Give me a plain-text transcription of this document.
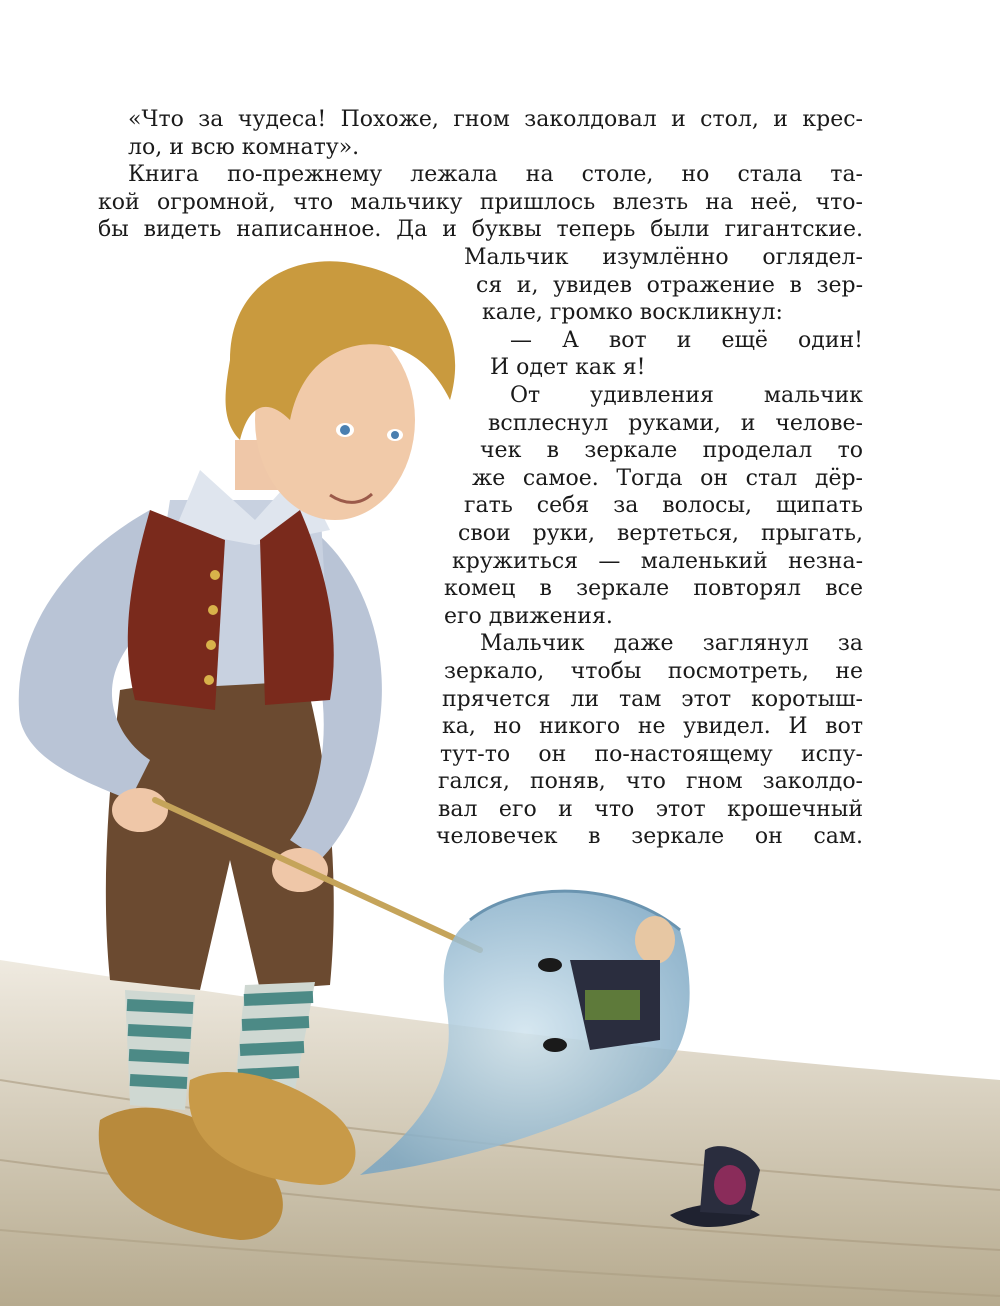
«Что за чудеса! Похоже, гном заколдовал и стол, и крес-
ло, и всю комнату».
Книга по-прежнему лежала на столе, но стала та-
кой огромной, что мальчику пришлось влезть на неё, что-
бы видеть написанное. Да и буквы теперь были гигантские.
Мальчик изумлённо оглядел-
ся и, увидев отражение в зер-
кале, громко воскликнул:
— А вот и ещё один!
И одет как я!
От удивления мальчик
всплеснул руками, и челове-
чек в зеркале проделал то
же самое. Тогда он стал дёр-
гать себя за волосы, щипать
свои руки, вертеться, прыгать,
кружиться — маленький незна-
комец в зеркале повторял все
его движения.
Мальчик даже заглянул за
зеркало, чтобы посмотреть, не
прячется ли там этот коротыш-
ка, но никого не увидел. И вот
тут-то он по-настоящему испу-
гался, поняв, что гном заколдо-
вал его и что этот крошечный
человечек в зеркале он сам.
